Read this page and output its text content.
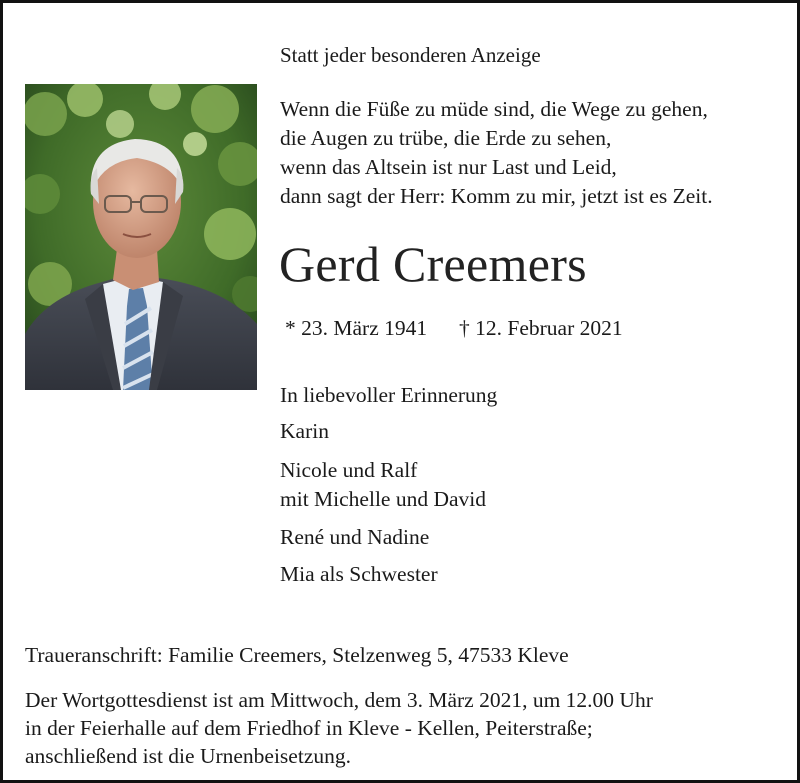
Statt jeder besonderen Anzeige
Wenn die Füße zu müde sind, die Wege zu gehen,
die Augen zu trübe, die Erde zu sehen,
wenn das Altsein ist nur Last und Leid,
dann sagt der Herr: Komm zu mir, jetzt ist es Zeit.
Gerd Creemers
* 23. März 1941 † 12. Februar 2021
In liebevoller Erinnerung
Karin
Nicole und Ralf
mit Michelle und David
René und Nadine
Mia als Schwester
Traueranschrift: Familie Creemers, Stelzenweg 5, 47533 Kleve
Der Wortgottesdienst ist am Mittwoch, dem 3. März 2021, um 12.00 Uhr
in der Feierhalle auf dem Friedhof in Kleve - Kellen, Peiterstraße;
anschließend ist die Urnenbeisetzung.
